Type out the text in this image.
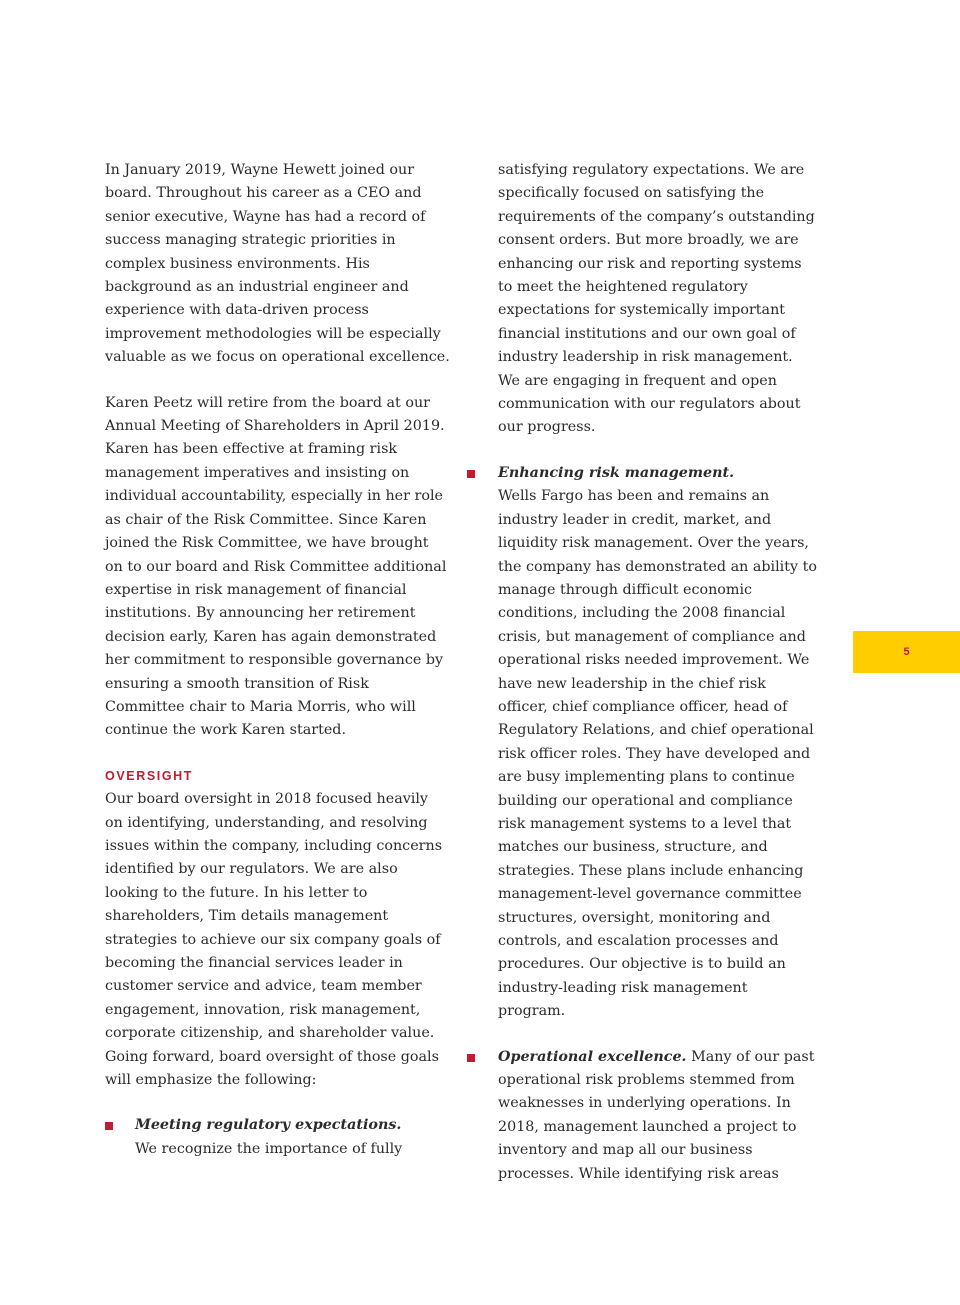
In January 2019, Wayne Hewett joined our board. Throughout his career as a CEO and senior executive, Wayne has had a record of success managing strategic priorities in complex business environments. His background as an industrial engineer and experience with data-driven process improvement methodologies will be especially valuable as we focus on operational excellence.

Karen Peetz will retire from the board at our Annual Meeting of Shareholders in April 2019. Karen has been effective at framing risk management imperatives and insisting on individual accountability, especially in her role as chair of the Risk Committee. Since Karen joined the Risk Committee, we have brought on to our board and Risk Committee additional expertise in risk management of financial institutions. By announcing her retirement decision early, Karen has again demonstrated her commitment to responsible governance by ensuring a smooth transition of Risk Committee chair to Maria Morris, who will continue the work Karen started.

OVERSIGHT

Our board oversight in 2018 focused heavily on identifying, understanding, and resolving issues within the company, including concerns identified by our regulators. We are also looking to the future. In his letter to shareholders, Tim details management strategies to achieve our six company goals of becoming the financial services leader in customer service and advice, team member engagement, innovation, risk management, corporate citizenship, and shareholder value. Going forward, board oversight of those goals will emphasize the following:

Meeting regulatory expectations.
We recognize the importance of fully

satisfying regulatory expectations. We are specifically focused on satisfying the requirements of the company’s outstanding consent orders. But more broadly, we are enhancing our risk and reporting systems to meet the heightened regulatory expectations for systemically important financial institutions and our own goal of industry leadership in risk management. We are engaging in frequent and open communication with our regulators about our progress.

Enhancing risk management.
Wells Fargo has been and remains an industry leader in credit, market, and liquidity risk management. Over the years, the company has demonstrated an ability to manage through difficult economic conditions, including the 2008 financial crisis, but management of compliance and operational risks needed improvement. We have new leadership in the chief risk officer, chief compliance officer, head of Regulatory Relations, and chief operational risk officer roles. They have developed and are busy implementing plans to continue building our operational and compliance risk management systems to a level that matches our business, structure, and strategies. These plans include enhancing management-level governance committee structures, oversight, monitoring and controls, and escalation processes and procedures. Our objective is to build an industry-leading risk management program.
Operational excellence. Many of our past operational risk problems stemmed from weaknesses in underlying operations. In 2018, management launched a project to inventory and map all our business processes. While identifying risk areas
5
